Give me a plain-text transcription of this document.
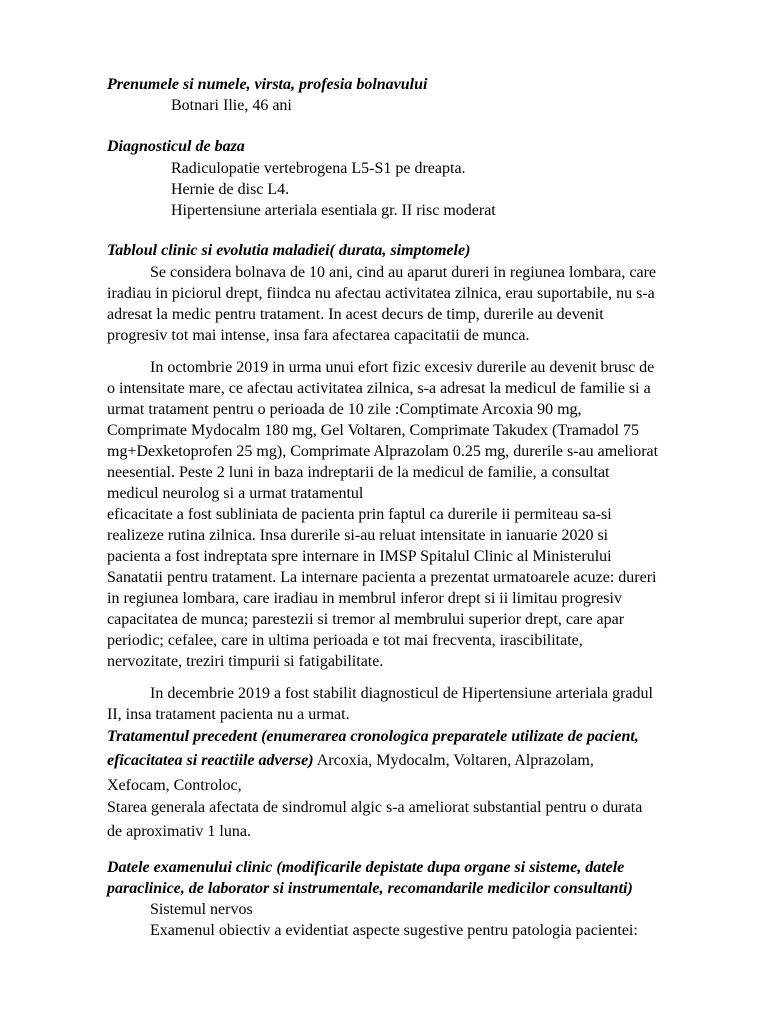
Prenumele si numele, virsta, profesia bolnavului
Botnari Ilie, 46 ani
Diagnosticul de baza
Radiculopatie vertebrogena L5-S1 pe dreapta.
Hernie de disc L4.
Hipertensiune arteriala esentiala gr. II risc moderat
Tabloul clinic si evolutia maladiei( durata, simptomele)
Se considera bolnava de 10 ani, cind au aparut dureri in regiunea lombara, care
iradiau in piciorul drept, fiindca nu afectau activitatea zilnica, erau suportabile, nu s-a
adresat la medic pentru tratament. In acest decurs de timp, durerile au devenit
progresiv tot mai intense, insa fara afectarea capacitatii de munca.
In octombrie 2019 in urma unui efort fizic excesiv durerile au devenit brusc de
o intensitate mare, ce afectau activitatea zilnica, s-a adresat la medicul de familie si a
urmat tratament pentru o perioada de 10 zile :Comptimate Arcoxia 90 mg,
Comprimate Mydocalm 180 mg, Gel Voltaren, Comprimate Takudex (Tramadol 75
mg+Dexketoprofen 25 mg), Comprimate Alprazolam 0.25 mg, durerile s-au ameliorat
neesential. Peste 2 luni in baza indreptarii de la medicul de familie, a consultat
medicul neurolog si a urmat tratamentul
eficacitate a fost subliniata de pacienta prin faptul ca durerile ii permiteau sa-si
realizeze rutina zilnica. Insa durerile si-au reluat intensitate in ianuarie 2020 si
pacienta a fost indreptata spre internare in IMSP Spitalul Clinic al Ministerului
Sanatatii pentru tratament. La internare pacienta a prezentat urmatoarele acuze: dureri
in regiunea lombara, care iradiau in membrul inferor drept si ii limitau progresiv
capacitatea de munca; parestezii si tremor al membrului superior drept, care apar
periodic; cefalee, care in ultima perioada e tot mai frecventa, irascibilitate,
nervozitate, treziri timpurii si fatigabilitate.
In decembrie 2019 a fost stabilit diagnosticul de Hipertensiune arteriala gradul
II, insa tratament pacienta nu a urmat.
Tratamentul precedent (enumerarea cronologica preparatele utilizate de pacient,
eficacitatea si reactiile adverse) Arcoxia, Mydocalm, Voltaren, Alprazolam,
Xefocam, Controloc,
Starea generala afectata de sindromul algic s-a ameliorat substantial pentru o durata
de aproximativ 1 luna.
Datele examenului clinic (modificarile depistate dupa organe si sisteme, datele
paraclinice, de laborator si instrumentale, recomandarile medicilor consultanti)
Sistemul nervos
Examenul obiectiv a evidentiat aspecte sugestive pentru patologia pacientei:
